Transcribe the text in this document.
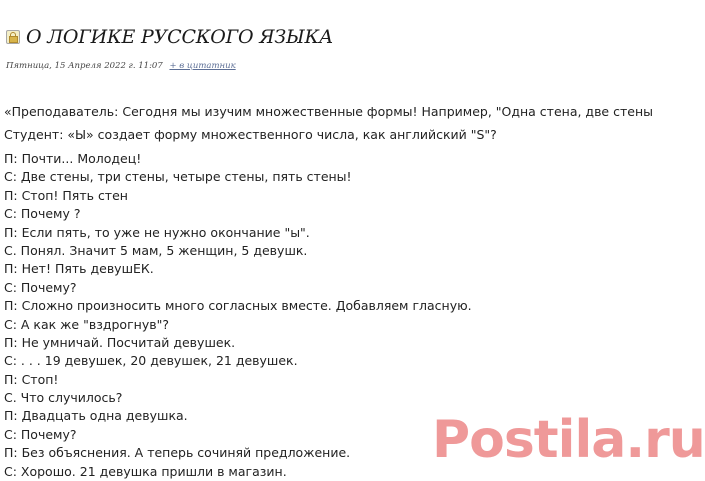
О ЛОГИКЕ РУССКОГО ЯЗЫКА
Пятница, 15 Апреля 2022 г. 11:07 + в цитатник

«Преподаватель: Сегодня мы изучим множественные формы! Например, "Одна стена, две стены

Студент: «Ы» создает форму множественного числа, как английский "S"?

П: Почти... Молодец!
С: Две стены, три стены, четыре стены, пять стены!
П: Стоп! Пять стен
С: Почему ?
П: Если пять, то уже не нужно окончание "ы".
С. Понял. Значит 5 мам, 5 женщин, 5 девушк.
П: Нет! Пять девушЕК.
С: Почему?
П: Сложно произносить много согласных вместе. Добавляем гласную.
С: А как же "вздрогнув"?
П: Не умничай. Посчитай девушек.
С: . . . 19 девушек, 20 девушек, 21 девушек.
П: Стоп!
С. Что случилось?
П: Двадцать одна девушка.
С: Почему?
П: Без объяснения. А теперь сочиняй предложение.
С: Хорошо. 21 девушка пришли в магазин.
Postila.ru
